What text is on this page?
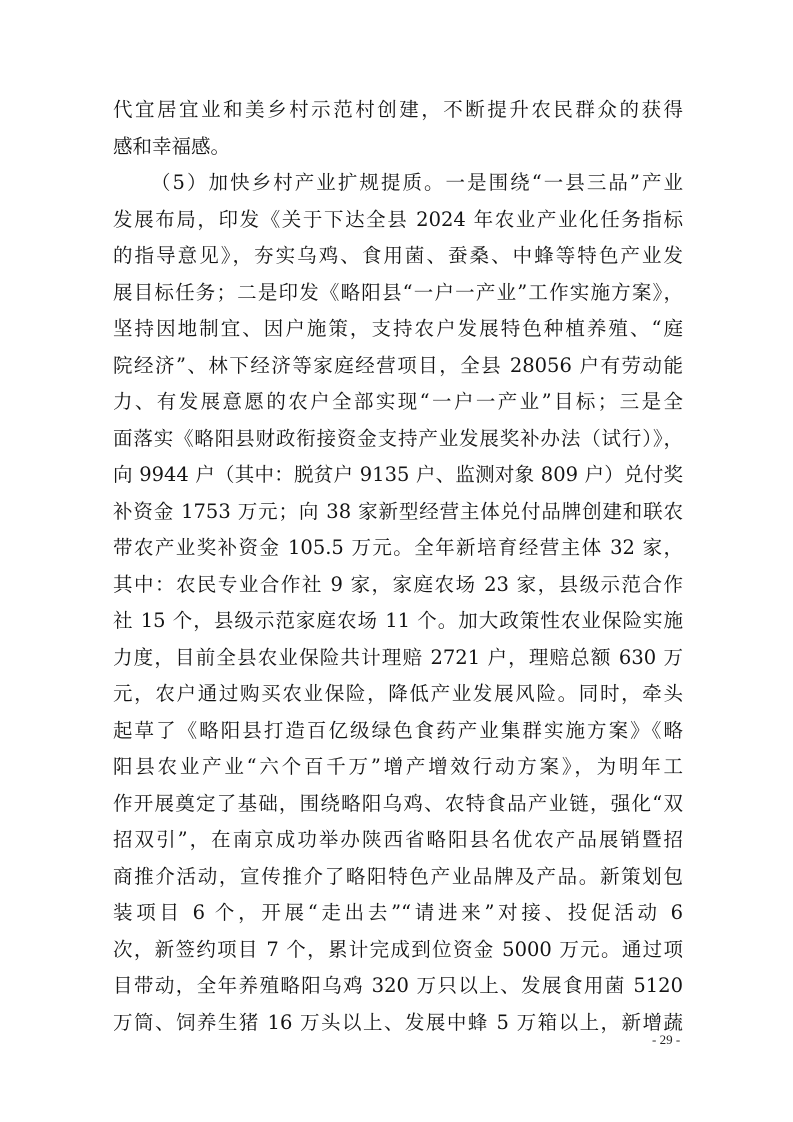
代宜居宜业和美乡村示范村创建，不断提升农民群众的获得
感和幸福感。
（5）加快乡村产业扩规提质。一是围绕“一县三品”产业
发展布局，印发《关于下达全县 2024 年农业产业化任务指标
的指导意见》，夯实乌鸡、食用菌、蚕桑、中蜂等特色产业发
展目标任务；二是印发《略阳县“一户一产业”工作实施方案》，
坚持因地制宜、因户施策，支持农户发展特色种植养殖、“庭
院经济”、林下经济等家庭经营项目，全县 28056 户有劳动能
力、有发展意愿的农户全部实现“一户一产业”目标；三是全
面落实《略阳县财政衔接资金支持产业发展奖补办法（试行）》，
向 9944 户（其中：脱贫户 9135 户、监测对象 809 户）兑付奖
补资金 1753 万元；向 38 家新型经营主体兑付品牌创建和联农
带农产业奖补资金 105.5 万元。全年新培育经营主体 32 家，
其中：农民专业合作社 9 家，家庭农场 23 家，县级示范合作
社 15 个，县级示范家庭农场 11 个。加大政策性农业保险实施
力度，目前全县农业保险共计理赔 2721 户，理赔总额 630 万
元，农户通过购买农业保险，降低产业发展风险。同时，牵头
起草了《略阳县打造百亿级绿色食药产业集群实施方案》《略
阳县农业产业“六个百千万”增产增效行动方案》，为明年工
作开展奠定了基础，围绕略阳乌鸡、农特食品产业链，强化“双
招双引”，在南京成功举办陕西省略阳县名优农产品展销暨招
商推介活动，宣传推介了略阳特色产业品牌及产品。新策划包
装项目 6 个，开展“走出去”“请进来”对接、投促活动 6
次，新签约项目 7 个，累计完成到位资金 5000 万元。通过项
目带动，全年养殖略阳乌鸡 320 万只以上、发展食用菌 5120
万筒、饲养生猪 16 万头以上、发展中蜂 5 万箱以上，新增蔬
- 29 -
